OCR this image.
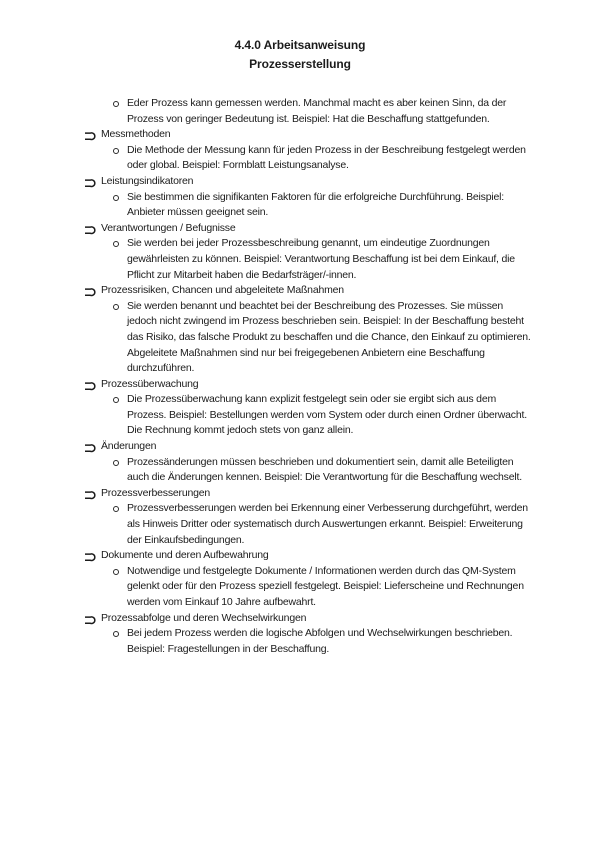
4.4.0 Arbeitsanweisung
Prozesserstellung
Eder Prozess kann gemessen werden. Manchmal macht es aber keinen Sinn, da der Prozess von geringer Bedeutung ist. Beispiel: Hat die Beschaffung stattgefunden.
Messmethoden
Die Methode der Messung kann für jeden Prozess in der Beschreibung festgelegt werden oder global. Beispiel: Formblatt Leistungsanalyse.
Leistungsindikatoren
Sie bestimmen die signifikanten Faktoren für die erfolgreiche Durchführung. Beispiel: Anbieter müssen geeignet sein.
Verantwortungen / Befugnisse
Sie werden bei jeder Prozessbeschreibung genannt, um eindeutige Zuordnungen gewährleisten zu können. Beispiel: Verantwortung Beschaffung ist bei dem Einkauf, die Pflicht zur Mitarbeit haben die Bedarfsträger/-innen.
Prozessrisiken, Chancen und abgeleitete Maßnahmen
Sie werden benannt und beachtet bei der Beschreibung des Prozesses. Sie müssen jedoch nicht zwingend im Prozess beschrieben sein. Beispiel: In der Beschaffung besteht das Risiko, das falsche Produkt zu beschaffen und die Chance, den Einkauf zu optimieren. Abgeleitete Maßnahmen sind nur bei freigegebenen Anbietern eine Beschaffung durchzuführen.
Prozessüberwachung
Die Prozessüberwachung kann explizit festgelegt sein oder sie ergibt sich aus dem Prozess. Beispiel: Bestellungen werden vom System oder durch einen Ordner überwacht. Die Rechnung kommt jedoch stets von ganz allein.
Änderungen
Prozessänderungen müssen beschrieben und dokumentiert sein, damit alle Beteiligten auch die Änderungen kennen. Beispiel: Die Verantwortung für die Beschaffung wechselt.
Prozessverbesserungen
Prozessverbesserungen werden bei Erkennung einer Verbesserung durchgeführt, werden als Hinweis Dritter oder systematisch durch Auswertungen erkannt. Beispiel: Erweiterung der Einkaufsbedingungen.
Dokumente und deren Aufbewahrung
Notwendige und festgelegte Dokumente / Informationen werden durch das QM-System gelenkt oder für den Prozess speziell festgelegt. Beispiel: Lieferscheine und Rechnungen werden vom Einkauf 10 Jahre aufbewahrt.
Prozessabfolge und deren Wechselwirkungen
Bei jedem Prozess werden die logische Abfolgen und Wechselwirkungen beschrieben. Beispiel: Fragestellungen in der Beschaffung.
